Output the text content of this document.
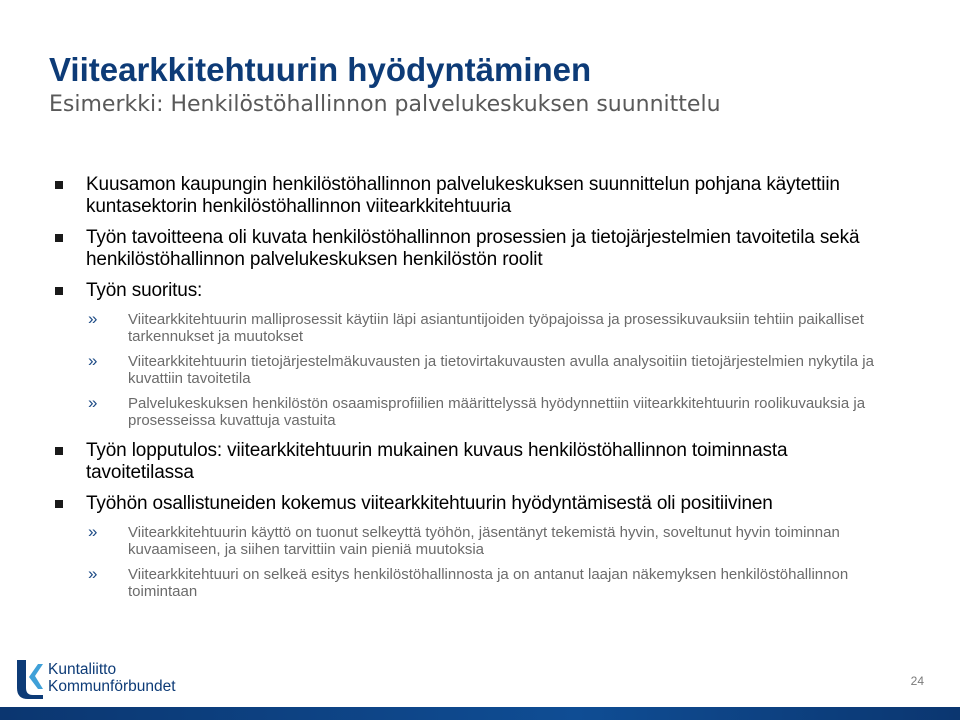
Viitearkkitehtuurin hyödyntäminen
Esimerkki: Henkilöstöhallinnon palvelukeskuksen suunnittelu
Kuusamon kaupungin henkilöstöhallinnon palvelukeskuksen suunnittelun pohjana käytettiin kuntasektorin henkilöstöhallinnon viitearkkitehtuuria
Työn tavoitteena oli kuvata henkilöstöhallinnon prosessien ja tietojärjestelmien tavoitetila sekä henkilöstöhallinnon palvelukeskuksen henkilöstön roolit
Työn suoritus:
» Viitearkkitehtuurin malliprosessit käytiin läpi asiantuntijoiden työpajoissa ja prosessikuvauksiin tehtiin paikalliset tarkennukset ja muutokset
» Viitearkkitehtuurin tietojärjestelmäkuvausten ja tietovirtakuvausten avulla analysoitiin tietojärjestelmien nykytila ja kuvattiin tavoitetila
» Palvelukeskuksen henkilöstön osaamisprofiilien määrittelyssä hyödynnettiin viitearkkitehtuurin roolikuvauksia ja prosesseissa kuvattuja vastuita
Työn lopputulos: viitearkkitehtuurin mukainen kuvaus henkilöstöhallinnon toiminnasta tavoitetilassa
Työhön osallistuneiden kokemus viitearkkitehtuurin hyödyntämisestä oli positiivinen
» Viitearkkitehtuurin käyttö on tuonut selkeyttä työhön, jäsentänyt tekemistä hyvin, soveltunut hyvin toiminnan kuvaamiseen, ja siihen tarvittiin vain pieniä muutoksia
» Viitearkkitehtuuri on selkeä esitys henkilöstöhallinnosta ja on antanut laajan näkemyksen henkilöstöhallinnon toimintaan
Kuntaliitto
Kommunförbundet	24
